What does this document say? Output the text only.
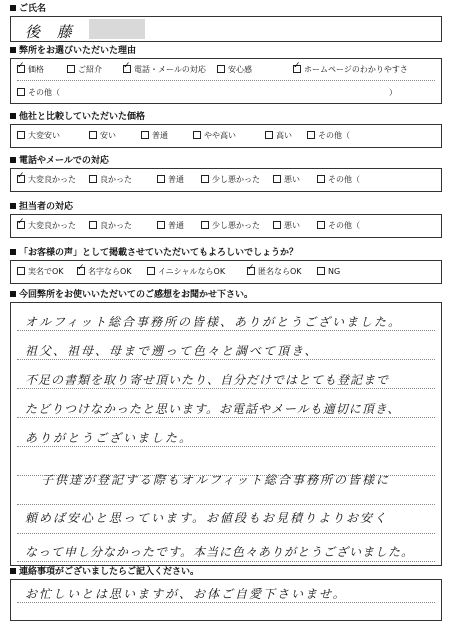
ご氏名
後 藤
弊所をお選びいただいた理由
✓ 価格	ご紹介 ✓ 電話・メールの対応	安心感	✓ ホームページのわかりやすさ
その他（	）
他社と比較していただいた価格
大変安い	安い	普通	やや高い	高い	その他（
電話やメールでの対応
✓ 大変良かった	良かった	普通	少し悪かった	悪い	その他（
担当者の対応
✓ 大変良かった	良かった	普通	少し悪かった	悪い	その他（
「お客様の声」として掲載させていただいてもよろしいでしょうか？
実名でOK ✓ 名字ならOK	イニシャルならOK ✓ 匿名ならOK	NG
今回弊所をお使いいただいてのご感想をお聞かせ下さい。
オルフィット総合事務所の皆様、ありがとうございました。
祖父、祖母、母まで遡って色々と調べて頂き、
不足の書類を取り寄せ頂いたり、自分だけではとても登記まで
たどりつけなかったと思います。お電話やメールも適切に頂き、
ありがとうございました。
子供達が登記する際もオルフィット総合事務所の皆様に
頼めば安心と思っています。お値段もお見積りよりお安く
なって申し分なかったです。本当に色々ありがとうございました。
連絡事項がございましたらご記入ください。
お忙しいとは思いますが、お体ご自愛下さいませ。
